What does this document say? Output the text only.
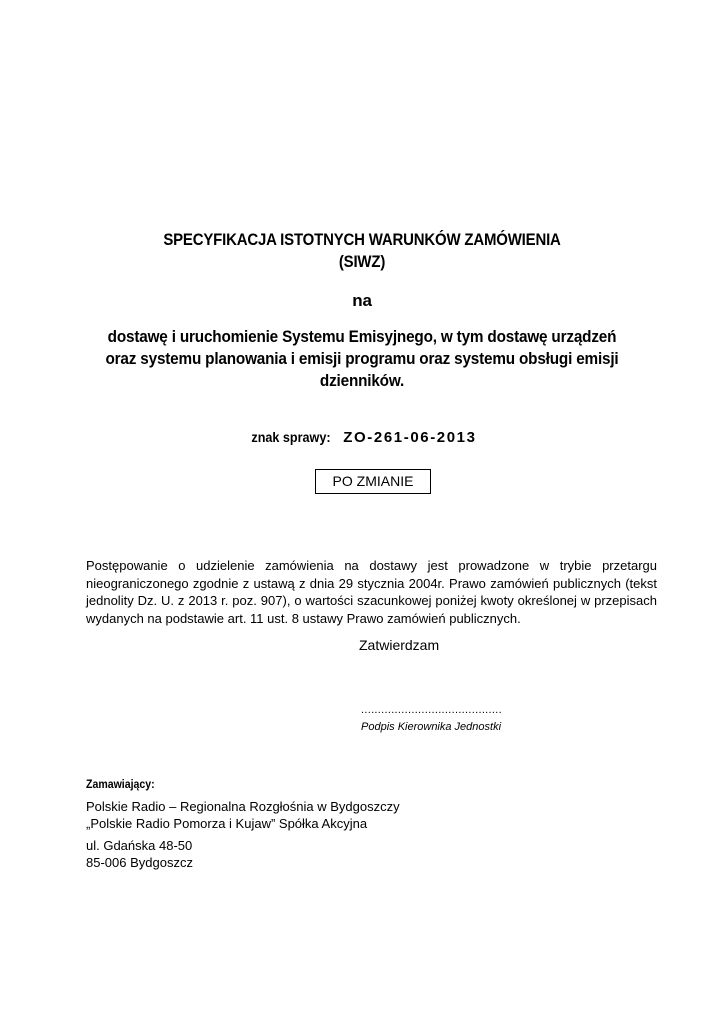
SPECYFIKACJA ISTOTNYCH WARUNKÓW ZAMÓWIENIA
(SIWZ)
na
dostawę i uruchomienie Systemu Emisyjnego, w tym dostawę urządzeń
oraz systemu planowania i emisji programu oraz systemu obsługi emisji
dzienników.
znak sprawy: ZO-261-06-2013
PO ZMIANIE
Postępowanie o udzielenie zamówienia na dostawy jest prowadzone w trybie przetargu nieograniczonego zgodnie z ustawą z dnia 29 stycznia 2004r. Prawo zamówień publicznych (tekst jednolity Dz. U. z 2013 r. poz. 907), o wartości szacunkowej poniżej kwoty określonej w przepisach wydanych na podstawie art. 11 ust. 8 ustawy Prawo zamówień publicznych.
Zatwierdzam
..........................................
Podpis Kierownika Jednostki
Zamawiający:
Polskie Radio – Regionalna Rozgłośnia w Bydgoszczy
„Polskie Radio Pomorza i Kujaw” Spółka Akcyjna
ul. Gdańska 48-50
85-006 Bydgoszcz
